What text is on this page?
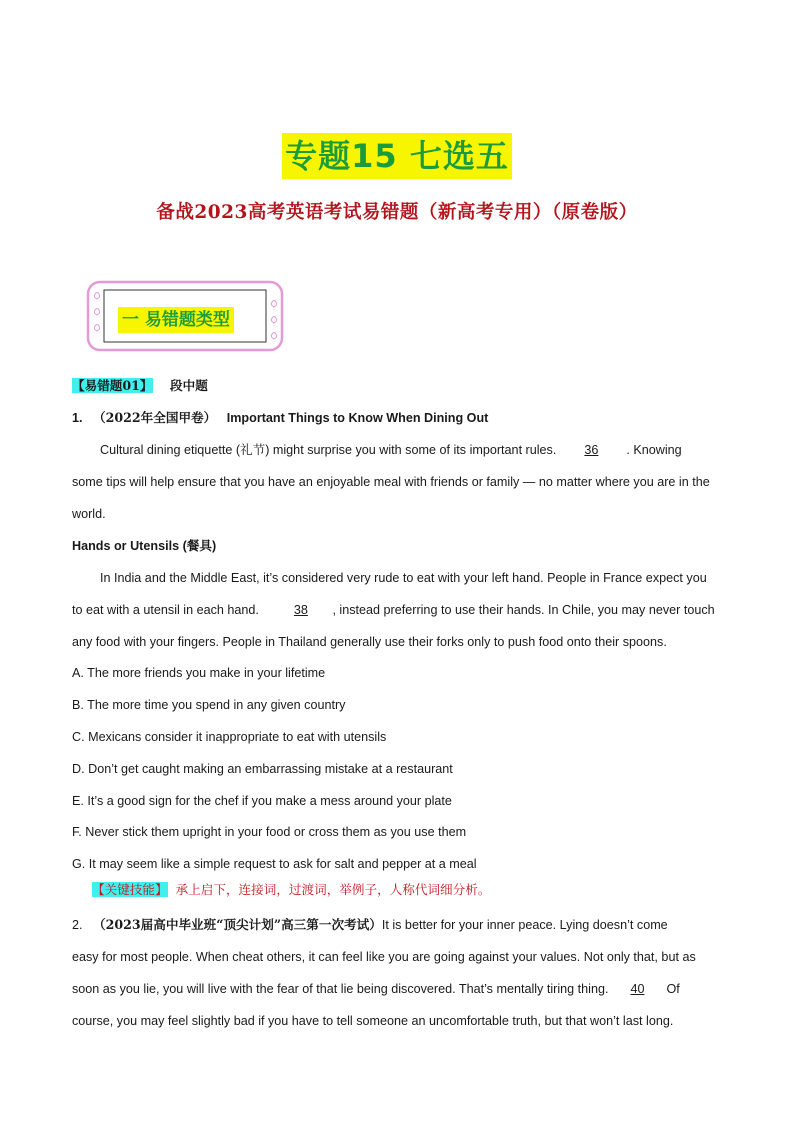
专题15 七选五
备战2023高考英语考试易错题（新高考专用）（原卷版）
一 易错题类型
【易错题01】 段中题
1. （2022年全国甲卷） Important Things to Know When Dining Out
Cultural dining etiquette (礼节) might surprise you with some of its important rules. 36 . Knowing
some tips will help ensure that you have an enjoyable meal with friends or family — no matter where you are in the
world.
Hands or Utensils (餐具)
In India and the Middle East, it’s considered very rude to eat with your left hand. People in France expect you
to eat with a utensil in each hand.	38 , instead preferring to use their hands. In Chile, you may never touch
any food with your fingers. People in Thailand generally use their forks only to push food onto their spoons.
A. The more friends you make in your lifetime
B. The more time you spend in any given country
C. Mexicans consider it inappropriate to eat with utensils
D. Don’t get caught making an embarrassing mistake at a restaurant
E. It’s a good sign for the chef if you make a mess around your plate
F. Never stick them upright in your food or cross them as you use them
G. It may seem like a simple request to ask for salt and pepper at a meal
【关键技能】 承上启下，连接词，过渡词，举例子，人称代词细分析。
2. （2023届高中毕业班“顶尖计划”高三第一次考试）It is better for your inner peace. Lying doesn’t come
easy for most people. When cheat others, it can feel like you are going against your values. Not only that, but as
soon as you lie, you will live with the fear of that lie being discovered. That’s mentally tiring thing. 40 Of
course, you may feel slightly bad if you have to tell someone an uncomfortable truth, but that won’t last long.
